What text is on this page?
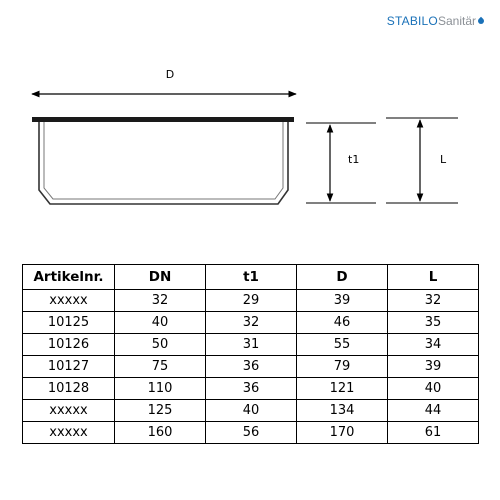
STABILOSanitär
D
t1	L
Artikelnr.	DN	t1	D	L
xxxxx	32	29	39	32
10125	40	32	46	35
10126	50	31	55	34
10127	75	36	79	39
10128	110	36	121	40
xxxxx	125	40	134	44
xxxxx	160	56	170	61
